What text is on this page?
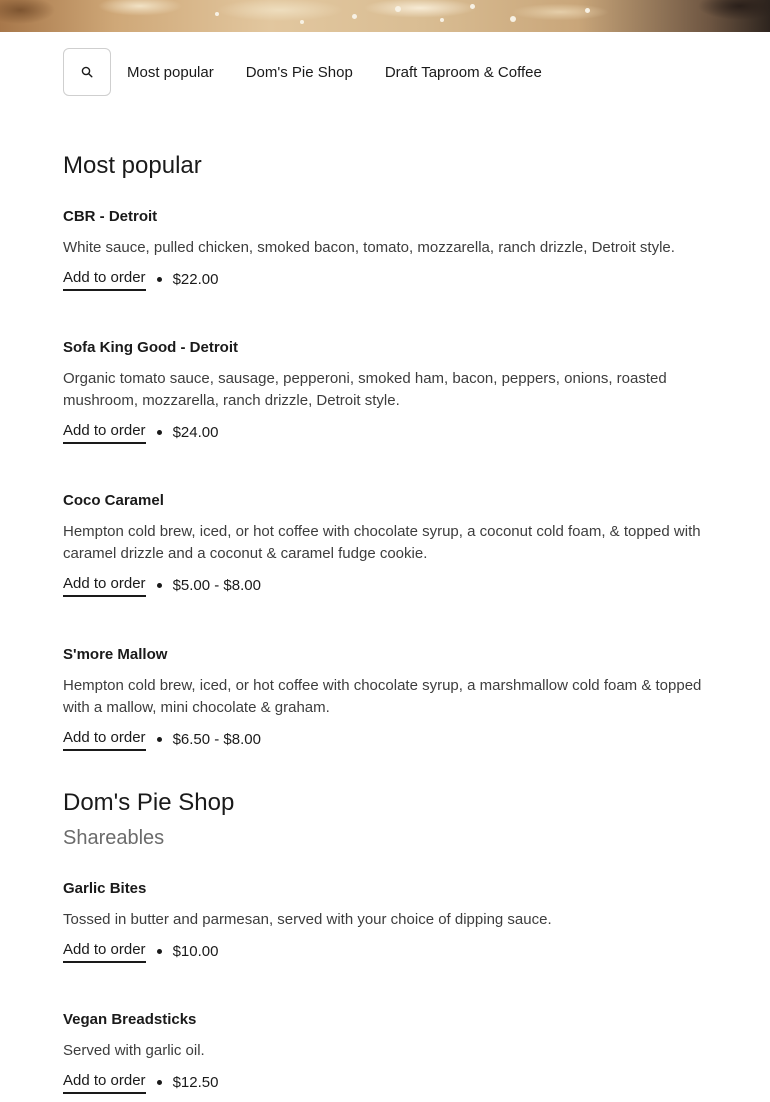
Most popular Dom's Pie Shop Draft Taproom & Coffee
Most popular
CBR - Detroit
White sauce, pulled chicken, smoked bacon, tomato, mozzarella, ranch drizzle, Detroit style.
Add to order $22.00
Sofa King Good - Detroit
Organic tomato sauce, sausage, pepperoni, smoked ham, bacon, peppers, onions, roasted mushroom, mozzarella, ranch drizzle, Detroit style.
Add to order $24.00
Coco Caramel
Hempton cold brew, iced, or hot coffee with chocolate syrup, a coconut cold foam, & topped with caramel drizzle and a coconut & caramel fudge cookie.
Add to order $5.00 - $8.00
S'more Mallow
Hempton cold brew, iced, or hot coffee with chocolate syrup, a marshmallow cold foam & topped with a mallow, mini chocolate & graham.
Add to order $6.50 - $8.00
Dom's Pie Shop
Shareables
Garlic Bites
Tossed in butter and parmesan, served with your choice of dipping sauce.
Add to order $10.00
Vegan Breadsticks
Served with garlic oil.
Add to order $12.50
